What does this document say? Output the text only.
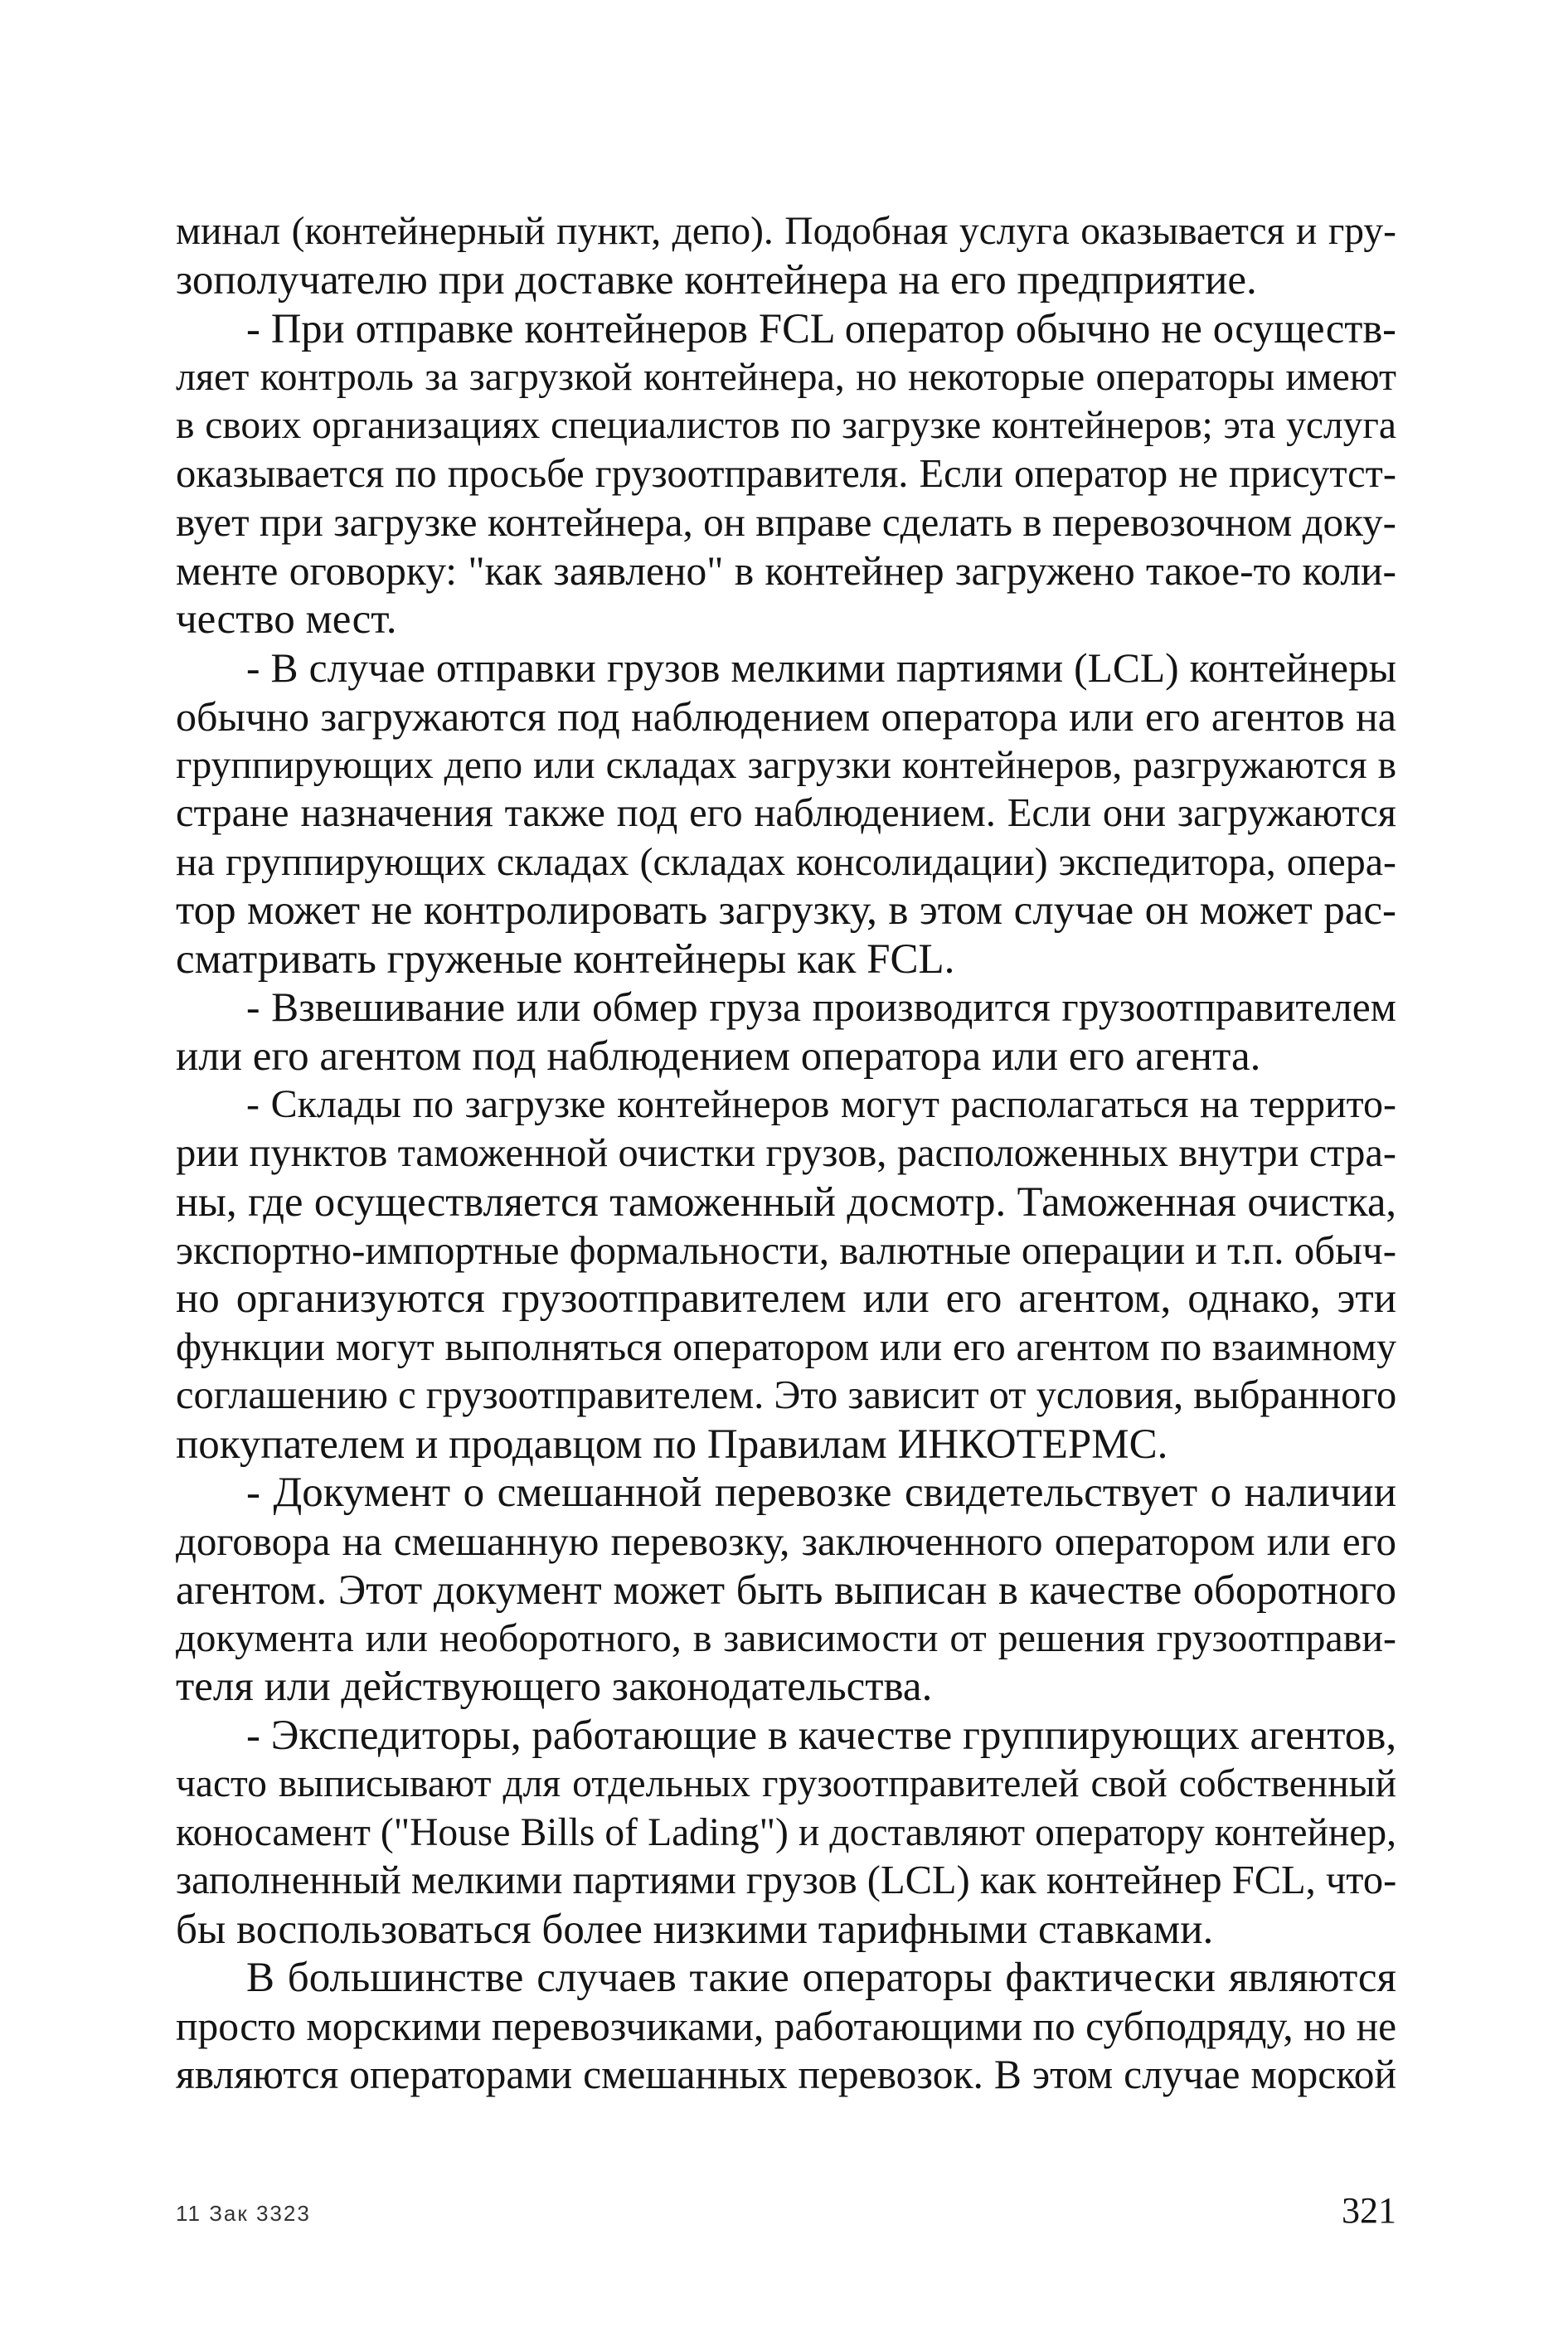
минал (контейнерный пункт, депо). Подобная услуга оказывается и гру-
зополучателю при доставке контейнера на его предприятие.
- При отправке контейнеров FCL оператор обычно не осуществ-
ляет контроль за загрузкой контейнера, но некоторые операторы имеют
в своих организациях специалистов по загрузке контейнеров; эта услуга
оказывается по просьбе грузоотправителя. Если оператор не присутст-
вует при загрузке контейнера, он вправе сделать в перевозочном доку-
менте оговорку: "как заявлено" в контейнер загружено такое-то коли-
чество мест.
- В случае отправки грузов мелкими партиями (LCL) контейнеры
обычно загружаются под наблюдением оператора или его агентов на
группирующих депо или складах загрузки контейнеров, разгружаются в
стране назначения также под его наблюдением. Если они загружаются
на группирующих складах (складах консолидации) экспедитора, опера-
тор может не контролировать загрузку, в этом случае он может рас-
сматривать груженые контейнеры как FCL.
- Взвешивание или обмер груза производится грузоотправителем
или его агентом под наблюдением оператора или его агента.
- Склады по загрузке контейнеров могут располагаться на террито-
рии пунктов таможенной очистки грузов, расположенных внутри стра-
ны, где осуществляется таможенный досмотр. Таможенная очистка,
экспортно-импортные формальности, валютные операции и т.п. обыч-
но организуются грузоотправителем или его агентом, однако, эти
функции могут выполняться оператором или его агентом по взаимному
соглашению с грузоотправителем. Это зависит от условия, выбранного
покупателем и продавцом по Правилам ИНКОТЕРМС.
- Документ о смешанной перевозке свидетельствует о наличии
договора на смешанную перевозку, заключенного оператором или его
агентом. Этот документ может быть выписан в качестве оборотного
документа или необоротного, в зависимости от решения грузоотправи-
теля или действующего законодательства.
- Экспедиторы, работающие в качестве группирующих агентов,
часто выписывают для отдельных грузоотправителей свой собственный
коносамент ("House Bills of Lading") и доставляют оператору контейнер,
заполненный мелкими партиями грузов (LCL) как контейнер FCL, что-
бы воспользоваться более низкими тарифными ставками.
В большинстве случаев такие операторы фактически являются
просто морскими перевозчиками, работающими по субподряду, но не
являются операторами смешанных перевозок. В этом случае морской
11 Зак 3323	321
